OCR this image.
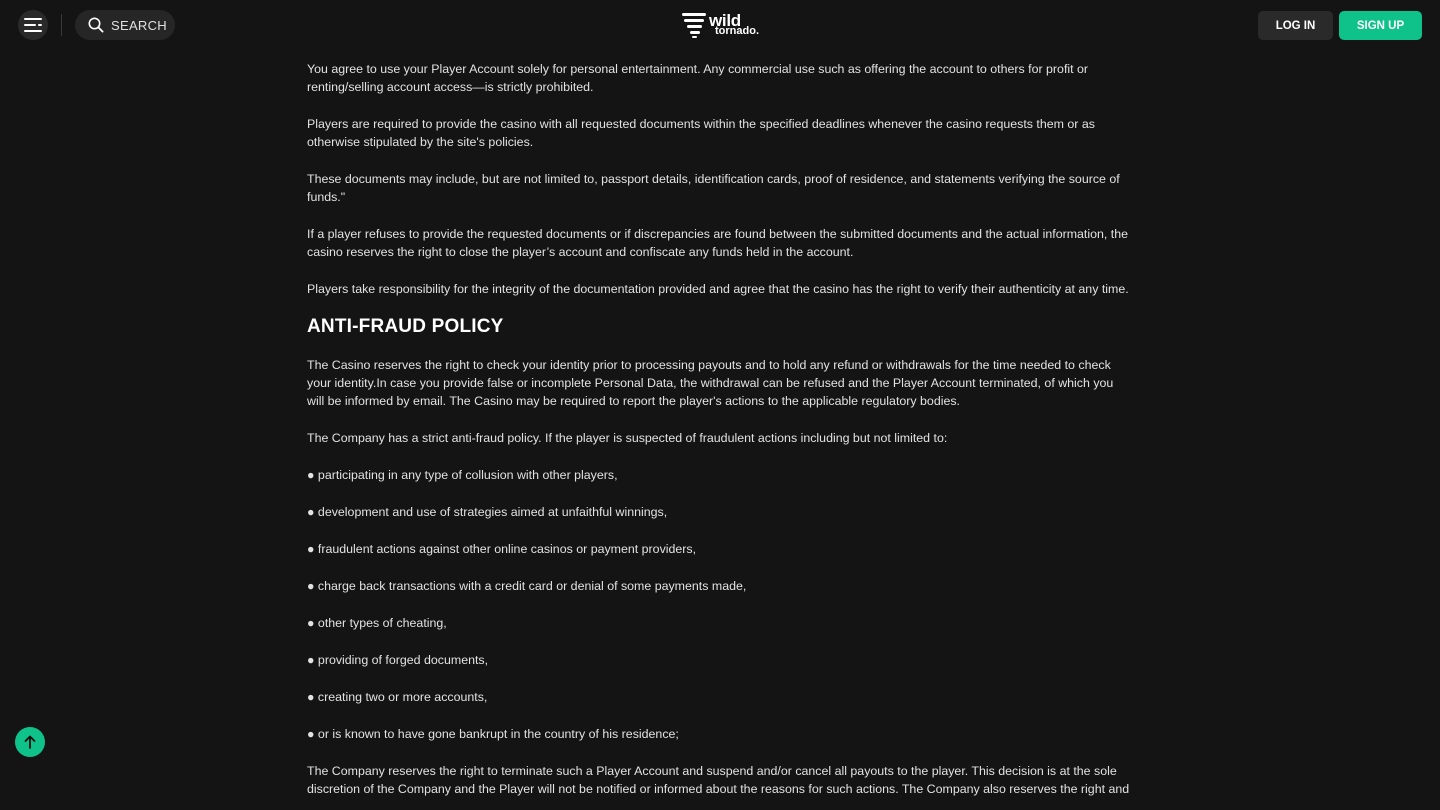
SEARCH	wild
tornado.	LOG IN	SIGN UP

You agree to use your Player Account solely for personal entertainment. Any commercial use such as offering the account to others for profit or renting/selling account access—is strictly prohibited.

Players are required to provide the casino with all requested documents within the specified deadlines whenever the casino requests them or as otherwise stipulated by the site's policies.

These documents may include, but are not limited to, passport details, identification cards, proof of residence, and statements verifying the source of funds."

If a player refuses to provide the requested documents or if discrepancies are found between the submitted documents and the actual information, the casino reserves the right to close the player’s account and confiscate any funds held in the account.

Players take responsibility for the integrity of the documentation provided and agree that the casino has the right to verify their authenticity at any time.

ANTI-FRAUD POLICY

The Casino reserves the right to check your identity prior to processing payouts and to hold any refund or withdrawals for the time needed to check your identity.In case you provide false or incomplete Personal Data, the withdrawal can be refused and the Player Account terminated, of which you will be informed by email. The Casino may be required to report the player's actions to the applicable regulatory bodies.

The Company has a strict anti-fraud policy. If the player is suspected of fraudulent actions including but not limited to:

● participating in any type of collusion with other players,

● development and use of strategies aimed at unfaithful winnings,

● fraudulent actions against other online casinos or payment providers,

● charge back transactions with a credit card or denial of some payments made,

● other types of cheating,

● providing of forged documents,

● creating two or more accounts,

● or is known to have gone bankrupt in the country of his residence;

The Company reserves the right to terminate such a Player Account and suspend and/or cancel all payouts to the player. This decision is at the sole discretion of the Company and the Player will not be notified or informed about the reasons for such actions. The Company also reserves the right and
